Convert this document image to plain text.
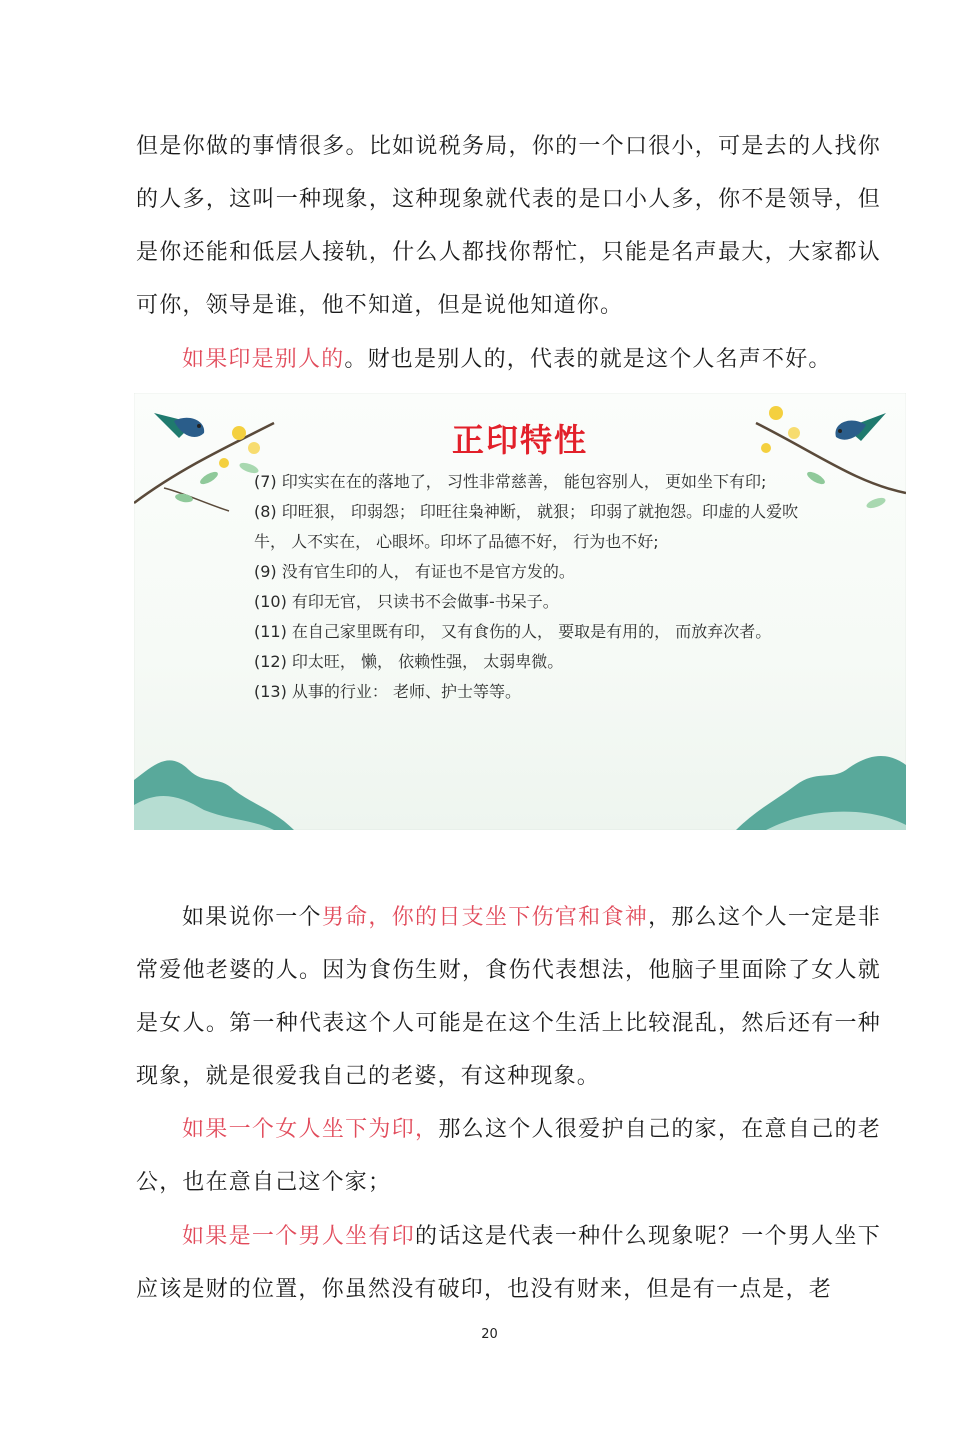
但是你做的事情很多。比如说税务局，你的一个口很小，可是去的人找你的人多，这叫一种现象，这种现象就代表的是口小人多，你不是领导，但是你还能和低层人接轨，什么人都找你帮忙，只能是名声最大，大家都认可你，领导是谁，他不知道，但是说他知道你。

如果印是别人的。财也是别人的，代表的就是这个人名声不好。

正印特性

(7) 印实实在在的落地了， 习性非常慈善， 能包容别人， 更如坐下有印;

(8) 印旺狠， 印弱怨； 印旺往枭神断， 就狠； 印弱了就抱怨。印虚的人爱吹牛， 人不实在， 心眼坏。印坏了品德不好， 行为也不好;

(9) 没有官生印的人， 有证也不是官方发的。

(10) 有印无官， 只读书不会做事-书呆子。

(11) 在自己家里既有印， 又有食伤的人， 要取是有用的， 而放弃次者。

(12) 印太旺， 懒， 依赖性强， 太弱卑微。

(13) 从事的行业： 老师、护士等等。

如果说你一个男命，你的日支坐下伤官和食神，那么这个人一定是非常爱他老婆的人。因为食伤生财，食伤代表想法，他脑子里面除了女人就是女人。第一种代表这个人可能是在这个生活上比较混乱，然后还有一种现象，就是很爱我自己的老婆，有这种现象。

如果一个女人坐下为印，那么这个人很爱护自己的家，在意自己的老公，也在意自己这个家；

如果是一个男人坐有印的话这是代表一种什么现象呢？一个男人坐下应该是财的位置，你虽然没有破印，也没有财来，但是有一点是，老

20
